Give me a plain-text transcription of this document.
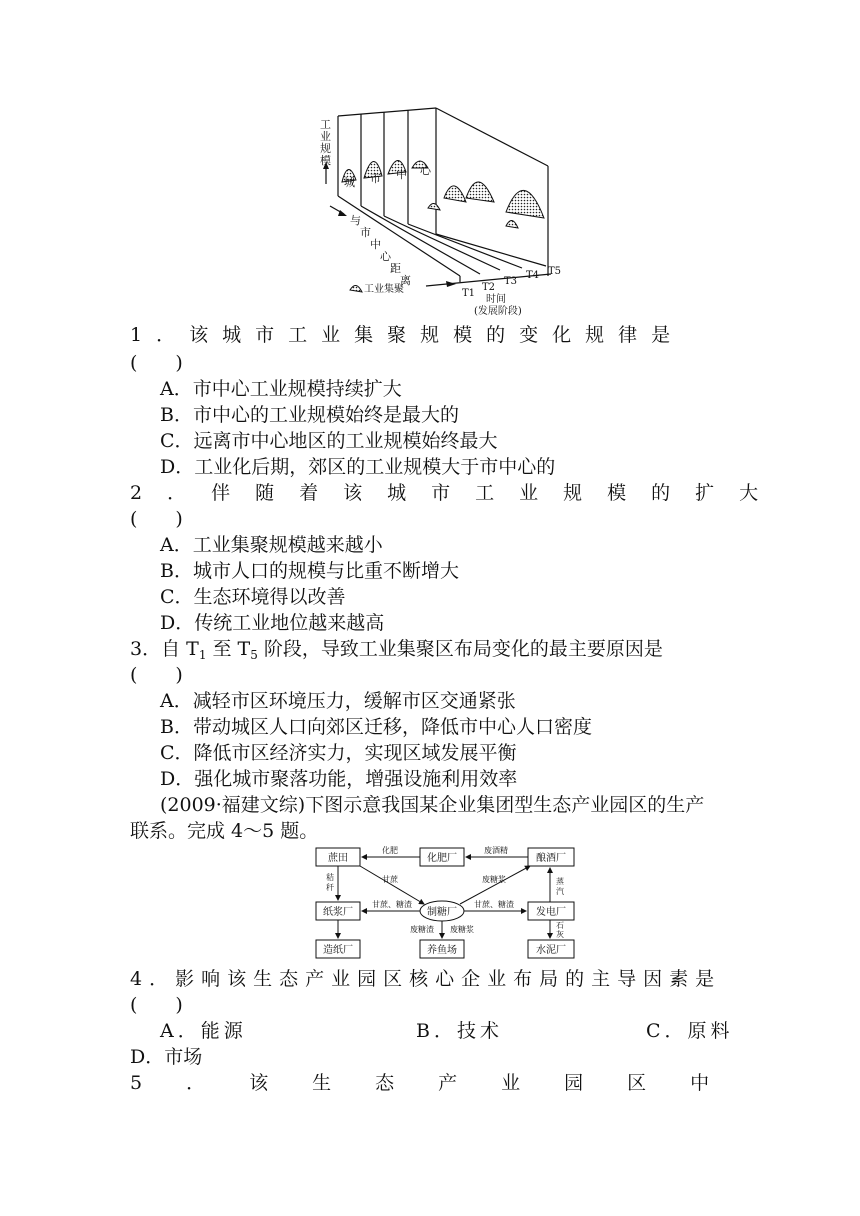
工
业
规
模
城 市 中 心
与
市
中
心
距
离
工业集聚	T1
T2
T3
T4 T5
时间
(发展阶段)
1．该城市工业集聚规模的变化规律是
(　　)
A．市中心工业规模持续扩大
B．市中心的工业规模始终是最大的
C．远离市中心地区的工业规模始终最大
D．工业化后期，郊区的工业规模大于市中心的
2．伴随着该城市工业规模的扩大
(　　)
A．工业集聚规模越来越小
B．城市人口的规模与比重不断增大
C．生态环境得以改善
D．传统工业地位越来越高
3．自 $T_1$ 至 $T_5$ 阶段，导致工业集聚区布局变化的最主要原因是
(　　)
A．减轻市区环境压力，缓解市区交通紧张
B．带动城区人口向郊区迁移，降低市中心人口密度
C．降低市区经济实力，实现区域发展平衡
D．强化城市聚落功能，增强设施利用效率
(2009·福建文综)下图示意我国某企业集团型生态产业园区的生产
联系。完成 4～5 题。
蔗田	化肥厂	酿酒厂
纸浆厂	制糖厂	发电厂
造纸厂	养鱼场	水泥厂
化肥	废酒精
秸
秆
甘蔗	废糖浆	蒸
汽
甘蔗、糖渣	甘蔗、糖渣
石
灰
废糖渣 废糖浆
4．影响该生态产业园区核心企业布局的主导因素是
(　　)
A．能源	B．技术	C．原料
D．市场
5．该生态产业园区中
